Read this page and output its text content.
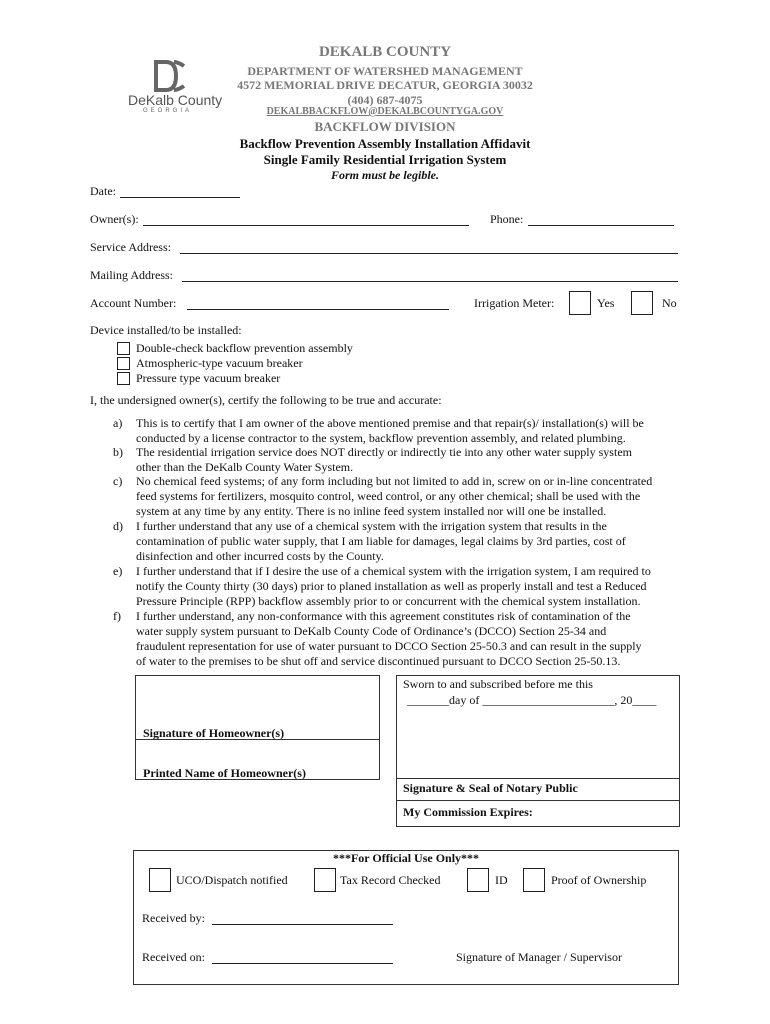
DeKalb County
GEORGIA
DEKALB COUNTY
DEPARTMENT OF WATERSHED MANAGEMENT
4572 MEMORIAL DRIVE DECATUR, GEORGIA 30032
(404) 687-4075
DEKALBBACKFLOW@DEKALBCOUNTYGA.GOV
BACKFLOW DIVISION
Backflow Prevention Assembly Installation Affidavit
Single Family Residential Irrigation System
Form must be legible.
Date:
Owner(s):	Phone:
Service Address:
Mailing Address:
Account Number:	Irrigation Meter:	Yes	No
Device installed/to be installed:
Double-check backflow prevention assembly
Atmospheric-type vacuum breaker
Pressure type vacuum breaker
I, the undersigned owner(s), certify the following to be true and accurate:
a)	This is to certify that I am owner of the above mentioned premise and that repair(s)/ installation(s) will be
conducted by a license contractor to the system, backflow prevention assembly, and related plumbing.
b)	The residential irrigation service does NOT directly or indirectly tie into any other water supply system
other than the DeKalb County Water System.
c)	No chemical feed systems; of any form including but not limited to add in, screw on or in-line concentrated
feed systems for fertilizers, mosquito control, weed control, or any other chemical; shall be used with the
system at any time by any entity. There is no inline feed system installed nor will one be installed.
d)	I further understand that any use of a chemical system with the irrigation system that results in the
contamination of public water supply, that I am liable for damages, legal claims by 3rd parties, cost of
disinfection and other incurred costs by the County.
e)	I further understand that if I desire the use of a chemical system with the irrigation system, I am required to
notify the County thirty (30 days) prior to planed installation as well as properly install and test a Reduced
Pressure Principle (RPP) backflow assembly prior to or concurrent with the chemical system installation.
f)	I further understand, any non-conformance with this agreement constitutes risk of contamination of the
water supply system pursuant to DeKalb County Code of Ordinance’s (DCCO) Section 25-34 and
fraudulent representation for use of water pursuant to DCCO Section 25-50.3 and can result in the supply
of water to the premises to be shut off and service discontinued pursuant to DCCO Section 25-50.13.
Signature of Homeowner(s)
Printed Name of Homeowner(s)
Sworn to and subscribed before me this
_______day of ______________________, 20____
Signature & Seal of Notary Public
My Commission Expires:
***For Official Use Only***
UCO/Dispatch notified	Tax Record Checked	ID	Proof of Ownership
Received by:
Received on:	Signature of Manager / Supervisor
